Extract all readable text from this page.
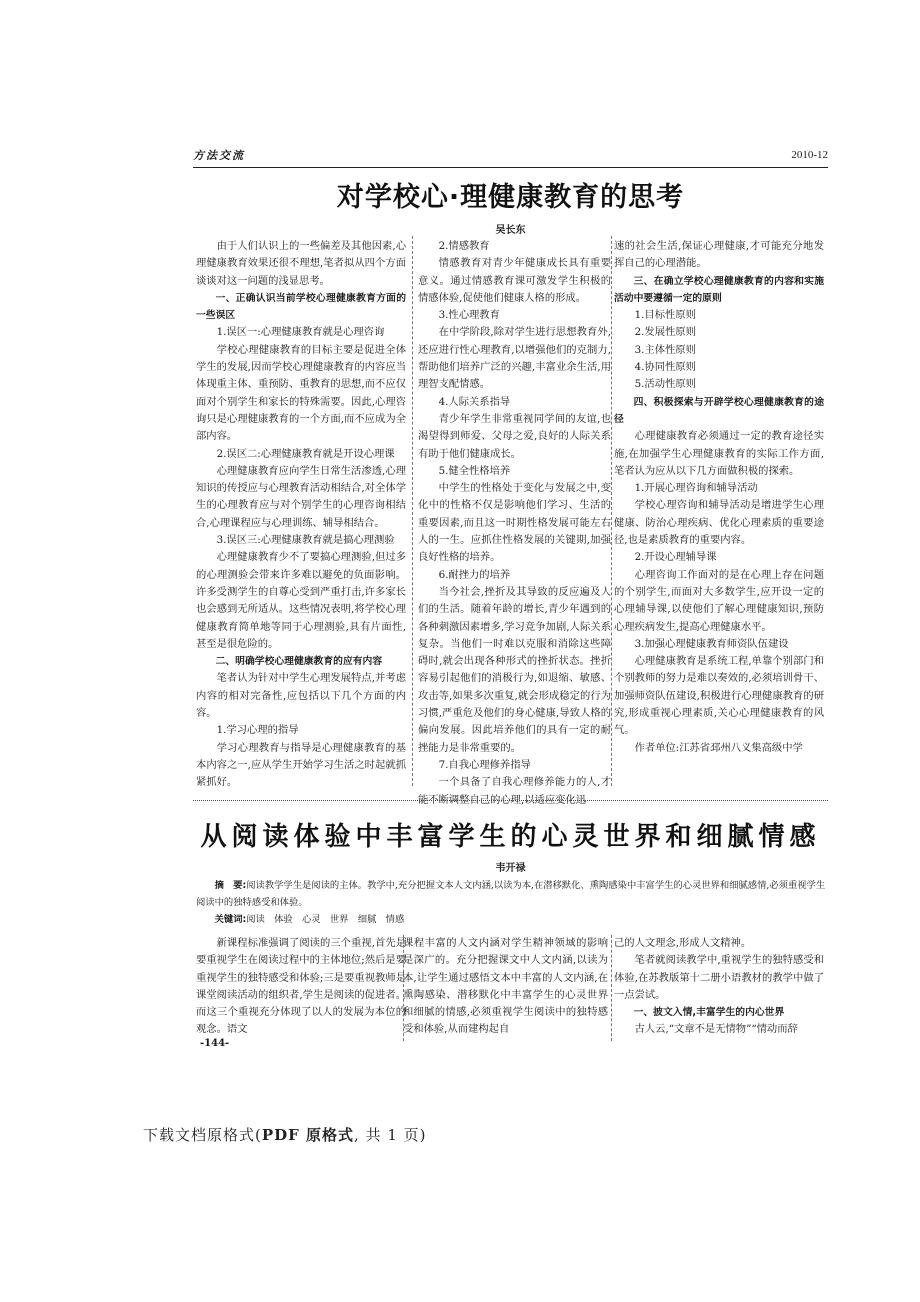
方法交流	2010-12
对学校心·理健康教育的思考
吴长东

由于人们认识上的一些偏差及其他因素,心理健康教育效果还很不理想,笔者拟从四个方面谈谈对这一问题的浅显思考。

一、正确认识当前学校心理健康教育方面的一些误区

1.误区一:心理健康教育就是心理咨询

学校心理健康教育的目标主要是促进全体学生的发展,因而学校心理健康教育的内容应当体现重主体、重预防、重教育的思想,而不应仅面对个别学生和家长的特殊需要。因此,心理咨询只是心理健康教育的一个方面,而不应成为全部内容。

2.误区二:心理健康教育就是开设心理课

心理健康教育应向学生日常生活渗透,心理知识的传授应与心理教育活动相结合,对全体学生的心理教育应与对个别学生的心理咨询相结合,心理课程应与心理训练、辅导相结合。

3.误区三:心理健康教育就是搞心理测验

心理健康教育少不了要搞心理测验,但过多的心理测验会带来许多难以避免的负面影响。许多受测学生的自尊心受到严重打击,许多家长也会感到无所适从。这些情况表明,将学校心理健康教育简单地等同于心理测验,具有片面性,甚至是很危险的。

二、明确学校心理健康教育的应有内容

笔者认为针对中学生心理发展特点,并考虑内容的相对完备性,应包括以下几个方面的内容。

1.学习心理的指导

学习心理教育与指导是心理健康教育的基本内容之一,应从学生开始学习生活之时起就抓紧抓好。

2.情感教育

情感教育对青少年健康成长具有重要意义。通过情感教育课可激发学生积极的情感体验,促使他们健康人格的形成。

3.性心理教育

在中学阶段,除对学生进行思想教育外,还应进行性心理教育,以增强他们的克制力,帮助他们培养广泛的兴趣,丰富业余生活,用理智支配情感。

4.人际关系指导

青少年学生非常重视同学间的友谊,也渴望得到师爱、父母之爱,良好的人际关系有助于他们健康成长。

5.健全性格培养

中学生的性格处于变化与发展之中,变化中的性格不仅是影响他们学习、生活的重要因素,而且这一时期性格发展可能左右人的一生。应抓住性格发展的关键期,加强良好性格的培养。

6.耐挫力的培养

当今社会,挫折及其导致的反应遍及人们的生活。随着年龄的增长,青少年遇到的各种刺激因素增多,学习竞争加剧,人际关系复杂。当他们一时难以克服和消除这些障碍时,就会出现各种形式的挫折状态。挫折容易引起他们的消极行为,如退缩、敏感、攻击等,如果多次重复,就会形成稳定的行为习惯,严重危及他们的身心健康,导致人格的偏向发展。因此培养他们的具有一定的耐挫能力是非常重要的。

7.自我心理修养指导

一个具备了自我心理修养能力的人,才能不断调整自己的心理,以适应变化迅

速的社会生活,保证心理健康,才可能充分地发挥自己的心理潜能。

三、在确立学校心理健康教育的内容和实施活动中要遵循一定的原则

1.目标性原则

2.发展性原则

3.主体性原则

4.协同性原则

5.活动性原则

四、积极探索与开辟学校心理健康教育的途径

心理健康教育必须通过一定的教育途径实施,在加强学生心理健康教育的实际工作方面,笔者认为应从以下几方面做积极的探索。

1.开展心理咨询和辅导活动

学校心理咨询和辅导活动是增进学生心理健康、防治心理疾病、优化心理素质的重要途径,也是素质教育的重要内容。

2.开设心理辅导课

心理咨询工作面对的是在心理上存在问题的个别学生,而面对大多数学生,应开设一定的心理辅导课,以使他们了解心理健康知识,预防心理疾病发生,提高心理健康水平。

3.加强心理健康教育师资队伍建设

心理健康教育是系统工程,单靠个别部门和个别教师的努力是难以奏效的,必须培训骨干、加强师资队伍建设,积极进行心理健康教育的研究,形成重视心理素质,关心心理健康教育的风气。

作者单位:江苏省邳州八义集高级中学

从阅读体验中丰富学生的心灵世界和细腻情感
韦开禄

摘　要:阅读教学学生是阅读的主体。教学中,充分把握文本人文内涵,以读为本,在潜移默化、熏陶感染中丰富学生的心灵世界和细腻感情,必须重视学生阅读中的独特感受和体验。

关键词:阅读　体验　心灵　世界　细腻　情感

新课程标准强调了阅读的三个重视,首先是要重视学生在阅读过程中的主体地位;然后是要重视学生的独特感受和体验;三是要重视教师是课堂阅读活动的组织者,学生是阅读的促进者。而这三个重视充分体现了以人的发展为本位的观念。语文

课程丰富的人文内涵对学生精神领域的影响是深广的。充分把握课文中人文内涵,以读为本,让学生通过感悟文本中丰富的人文内涵,在熏陶感染、潜移默化中丰富学生的心灵世界和细腻的情感,必须重视学生阅读中的独特感受和体验,从而建构起自

己的人文理念,形成人文精神。

笔者就阅读教学中,重视学生的独特感受和体验,在苏教版第十二册小语教材的教学中做了一点尝试。

一、披文入情,丰富学生的内心世界

古人云,“文章不是无情物”“情动而辞

-144-
下载文档原格式(PDF 原格式, 共 1 页)
